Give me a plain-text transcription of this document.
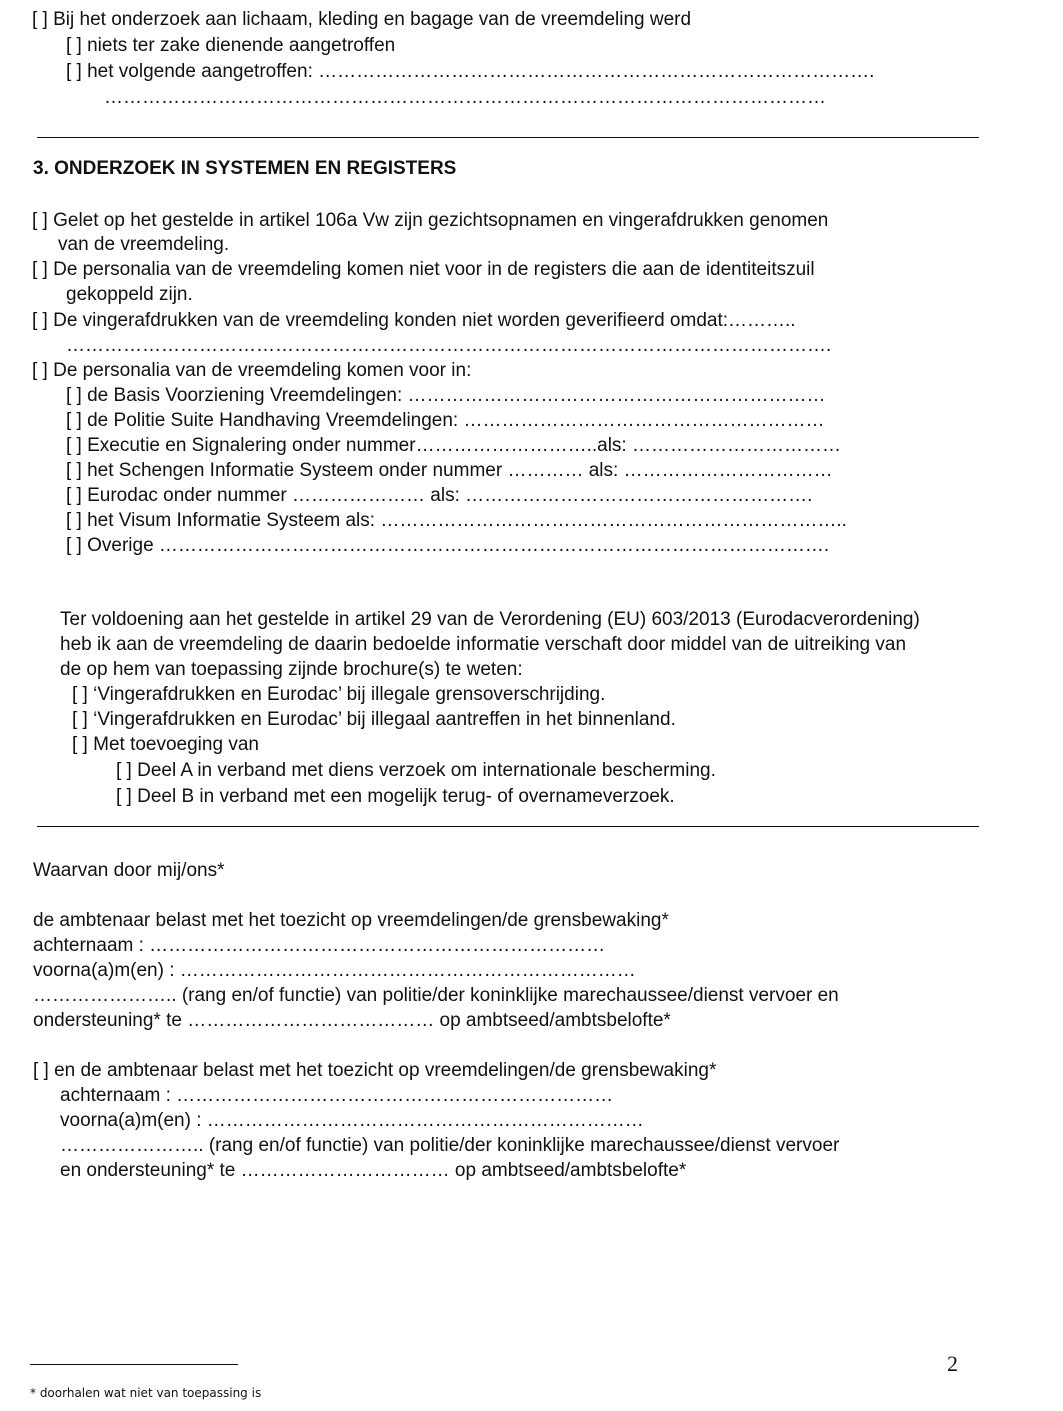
[ ] Bij het onderzoek aan lichaam, kleding en bagage van de vreemdeling werd
[ ] niets ter zake dienende aangetroffen
[ ] het volgende aangetroffen: …………………………………………………………………………….
……………………………………………………………………………………………………
3. ONDERZOEK IN SYSTEMEN EN REGISTERS
[ ] Gelet op het gestelde in artikel 106a Vw zijn gezichtsopnamen en vingerafdrukken genomen
van de vreemdeling.
[ ] De personalia van de vreemdeling komen niet voor in de registers die aan de identiteitszuil
gekoppeld zijn.
[ ] De vingerafdrukken van de vreemdeling konden niet worden geverifieerd omdat:………..
………………………………………………………………………………………………………….
[ ] De personalia van de vreemdeling komen voor in:
[ ] de Basis Voorziening Vreemdelingen: …………………………………………………………
[ ] de Politie Suite Handhaving Vreemdelingen: …………………………………………………
[ ] Executie en Signalering onder nummer………………………..als: ……………………………
[ ] het Schengen Informatie Systeem onder nummer ………… als: ……………………………
[ ] Eurodac onder nummer ………………… als: ……………………………………………….
[ ] het Visum Informatie Systeem als: ………………………………………………………………..
[ ] Overige …………………………………………………………………………………………….
Ter voldoening aan het gestelde in artikel 29 van de Verordening (EU) 603/2013 (Eurodacverordening)
heb ik aan de vreemdeling de daarin bedoelde informatie verschaft door middel van de uitreiking van
de op hem van toepassing zijnde brochure(s) te weten:
[ ] ‘Vingerafdrukken en Eurodac’ bij illegale grensoverschrijding.
[ ] ‘Vingerafdrukken en Eurodac’ bij illegaal aantreffen in het binnenland.
[ ] Met toevoeging van
[ ] Deel A in verband met diens verzoek om internationale bescherming.
[ ] Deel B in verband met een mogelijk terug- of overnameverzoek.
Waarvan door mij/ons*
de ambtenaar belast met het toezicht op vreemdelingen/de grensbewaking*
achternaam : ………………………………………………………………
voorna(a)m(en) : ………………………………………………………………
………………….. (rang en/of functie) van politie/der koninklijke marechaussee/dienst vervoer en
ondersteuning* te ………………………………… op ambtseed/ambtsbelofte*
[ ] en de ambtenaar belast met het toezicht op vreemdelingen/de grensbewaking*
achternaam : ……………………………………………………………
voorna(a)m(en) : ……………………………………………………………
………………….. (rang en/of functie) van politie/der koninklijke marechaussee/dienst vervoer
en ondersteuning* te …………………………… op ambtseed/ambtsbelofte*
2
* doorhalen wat niet van toepassing is
